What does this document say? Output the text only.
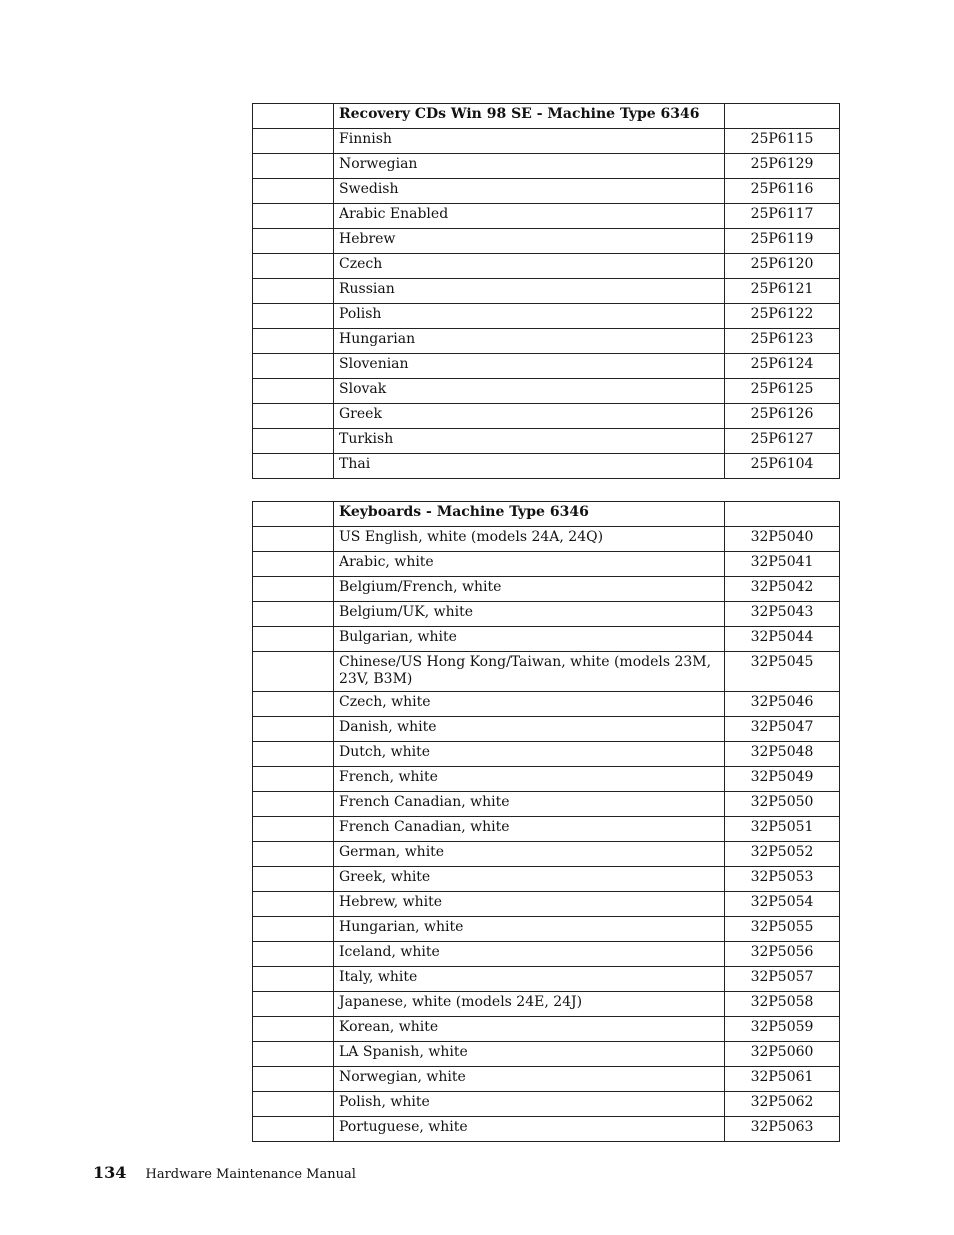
	Recovery CDs Win 98 SE - Machine Type 6346	
	Finnish	25P6115
	Norwegian	25P6129
	Swedish	25P6116
	Arabic Enabled	25P6117
	Hebrew	25P6119
	Czech	25P6120
	Russian	25P6121
	Polish	25P6122
	Hungarian	25P6123
	Slovenian	25P6124
	Slovak	25P6125
	Greek	25P6126
	Turkish	25P6127
	Thai	25P6104
	Keyboards - Machine Type 6346	
	US English, white (models 24A, 24Q)	32P5040
	Arabic, white	32P5041
	Belgium/French, white	32P5042
	Belgium/UK, white	32P5043
	Bulgarian, white	32P5044
	Chinese/US Hong Kong/Taiwan, white (models 23M, 23V, B3M)	32P5045
	Czech, white	32P5046
	Danish, white	32P5047
	Dutch, white	32P5048
	French, white	32P5049
	French Canadian, white	32P5050
	French Canadian, white	32P5051
	German, white	32P5052
	Greek, white	32P5053
	Hebrew, white	32P5054
	Hungarian, white	32P5055
	Iceland, white	32P5056
	Italy, white	32P5057
	Japanese, white (models 24E, 24J)	32P5058
	Korean, white	32P5059
	LA Spanish, white	32P5060
	Norwegian, white	32P5061
	Polish, white	32P5062
	Portuguese, white	32P5063
134 Hardware Maintenance Manual
